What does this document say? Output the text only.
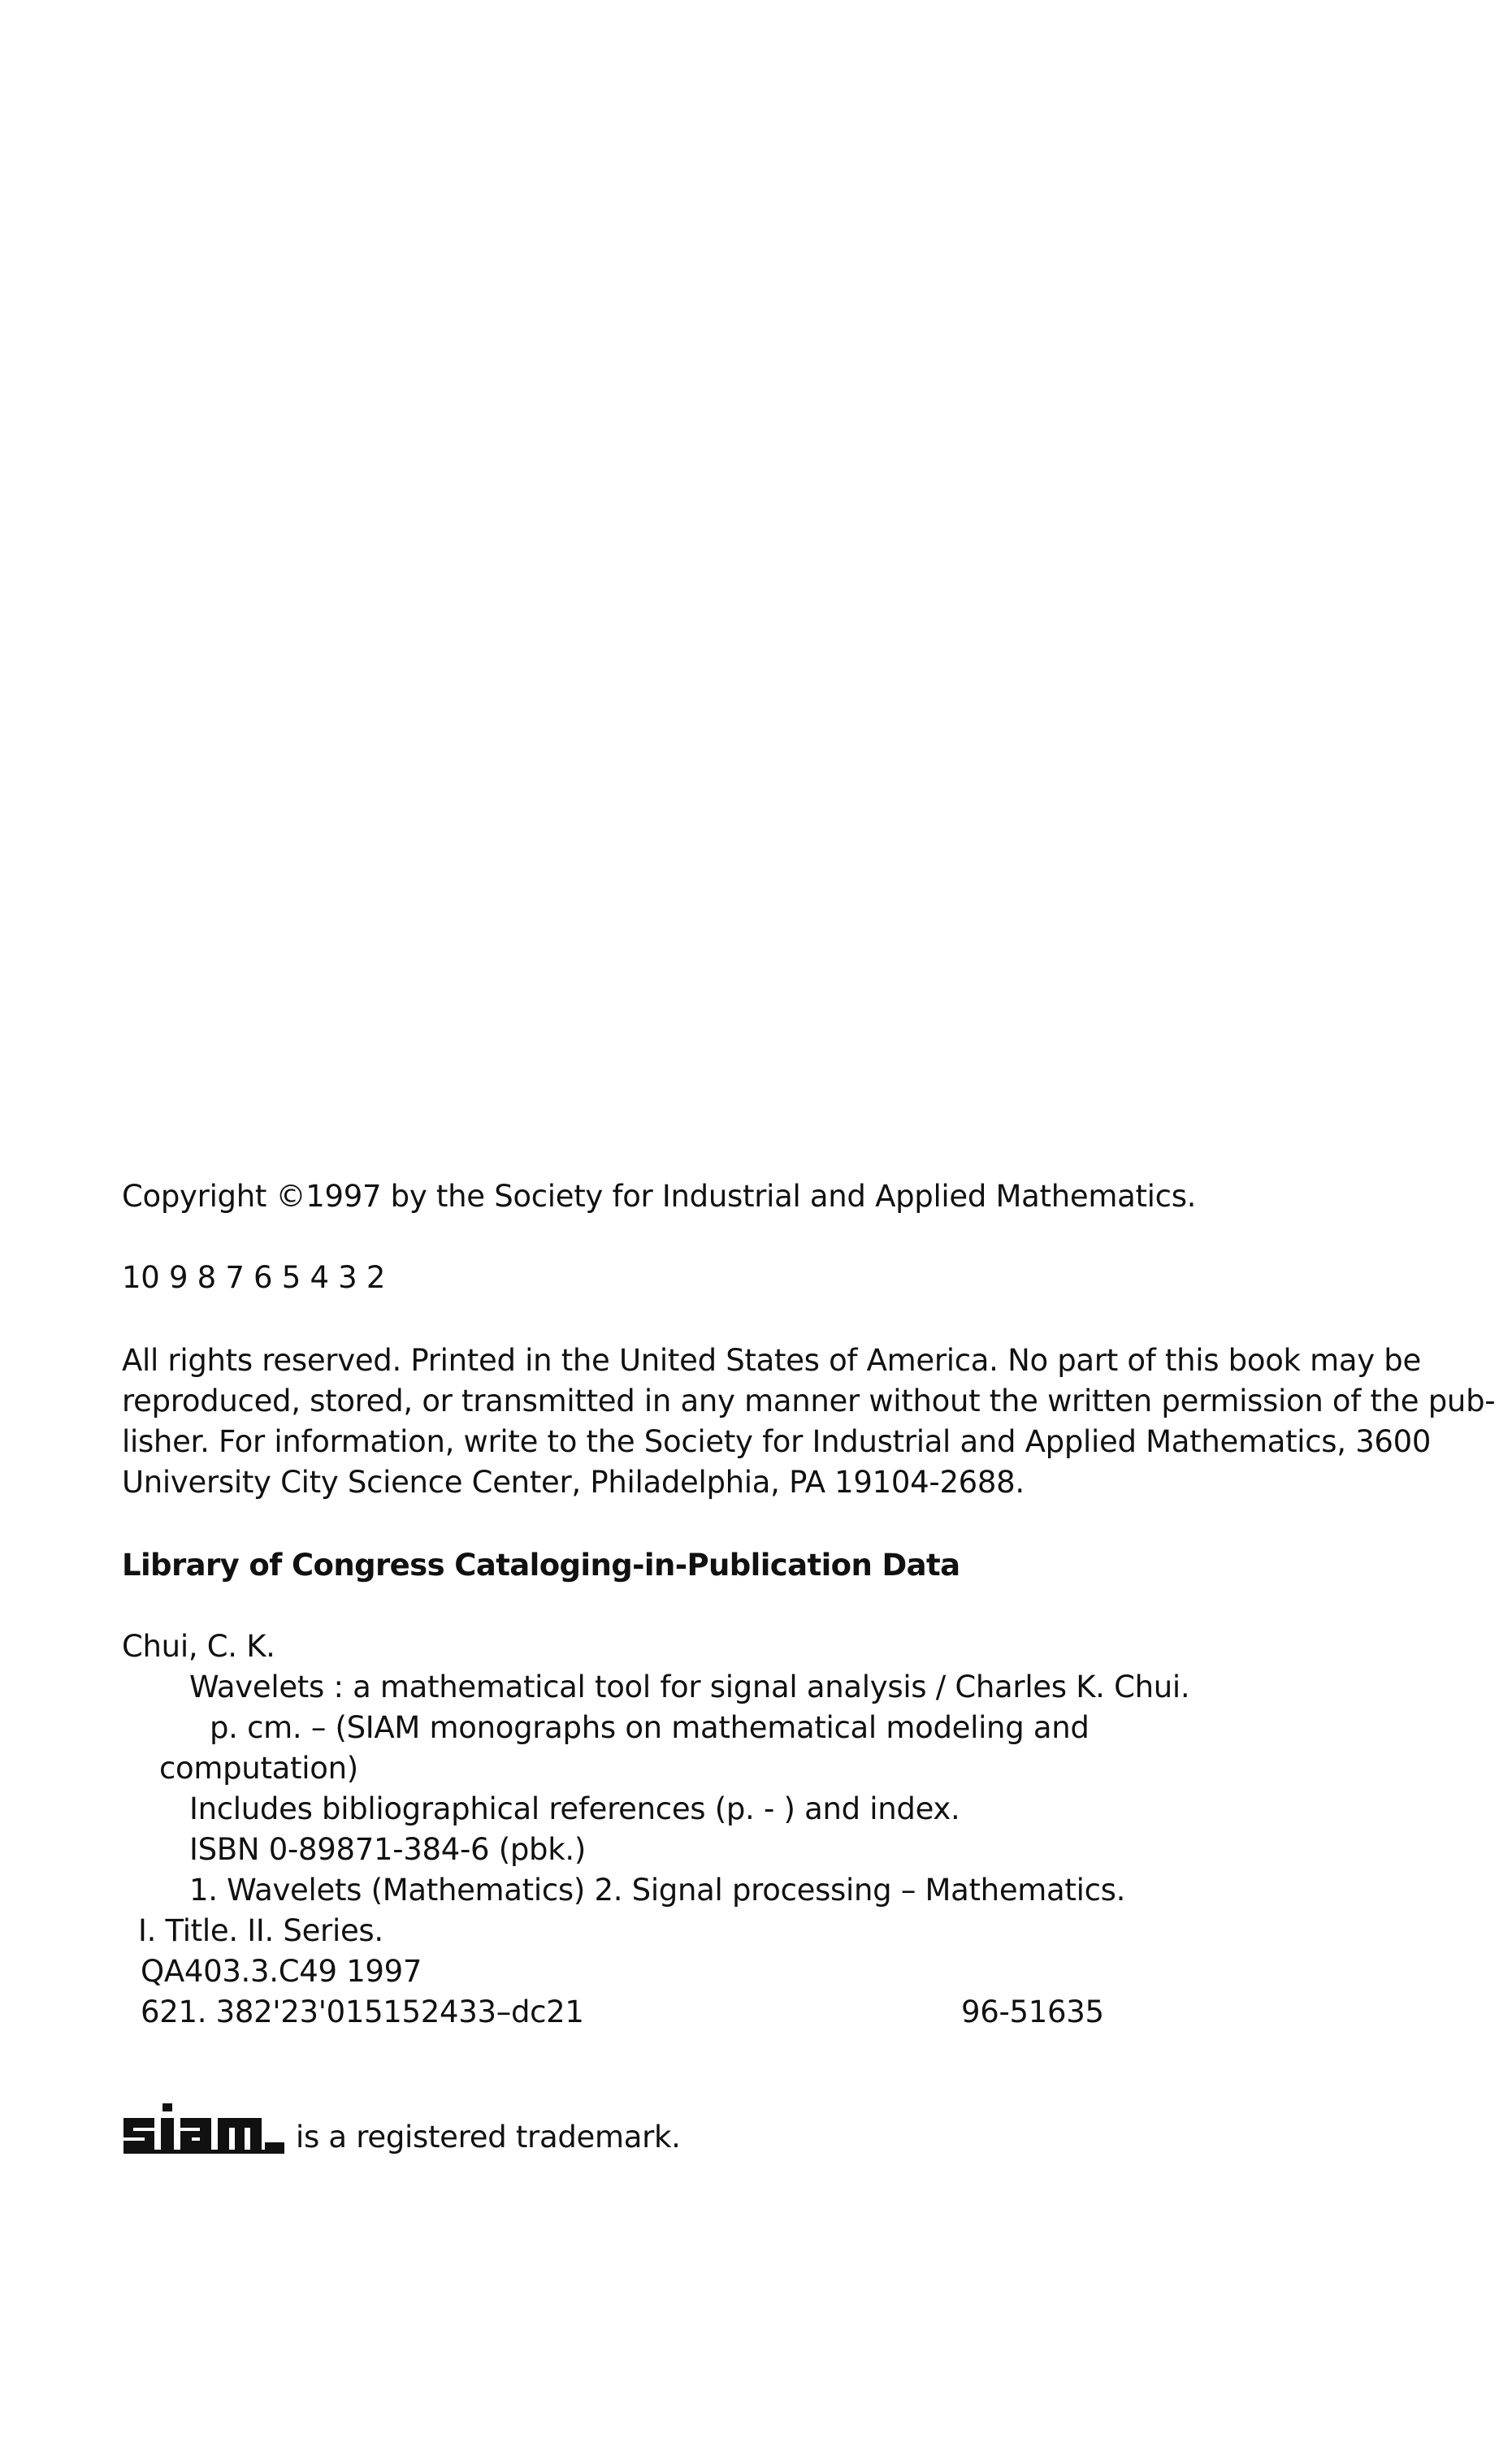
Copyright ©1997 by the Society for Industrial and Applied Mathematics.
10 9 8 7 6 5 4 3 2
All rights reserved. Printed in the United States of America. No part of this book may be
reproduced, stored, or transmitted in any manner without the written permission of the pub-
lisher. For information, write to the Society for Industrial and Applied Mathematics, 3600
University City Science Center, Philadelphia, PA 19104-2688.
Library of Congress Cataloging-in-Publication Data
Chui, C. K.
Wavelets : a mathematical tool for signal analysis / Charles K. Chui.
p. cm. – (SIAM monographs on mathematical modeling and
computation)
Includes bibliographical references (p. - ) and index.
ISBN 0-89871-384-6 (pbk.)
1. Wavelets (Mathematics) 2. Signal processing – Mathematics.
I. Title. II. Series.
QA403.3.C49 1997
621. 382'23'015152433–dc21	96-51635
is a registered trademark.
